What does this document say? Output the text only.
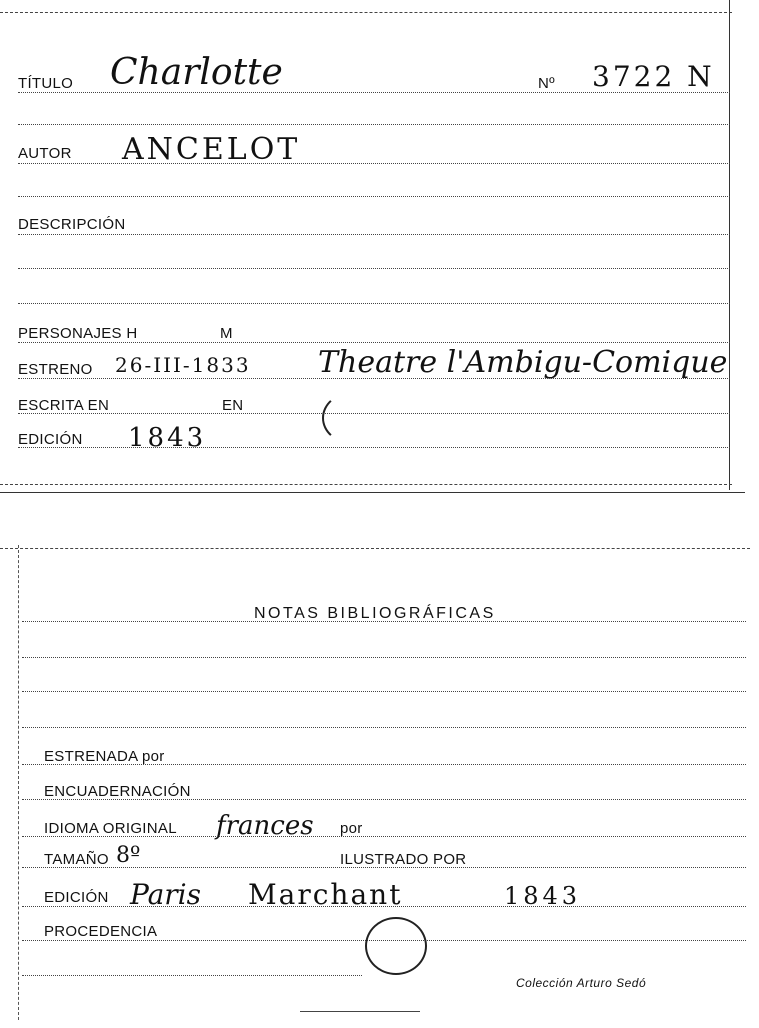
TÍTULO Charlotte	Nº 3722 N
AUTOR ANCELOT
DESCRIPCIÓN
PERSONAJES H	M
ESTRENO 26-III-1833 Theatre l'Ambigu-Comique
ESCRITA EN	EN
EDICIÓN 1843
NOTAS BIBLIOGRÁFICAS
ESTRENADA por
ENCUADERNACIÓN
IDIOMA ORIGINAL frances por
TAMAÑO 8º	ILUSTRADO POR
EDICIÓN Paris Marchant	1843
PROCEDENCIA
Colección Arturo Sedó
